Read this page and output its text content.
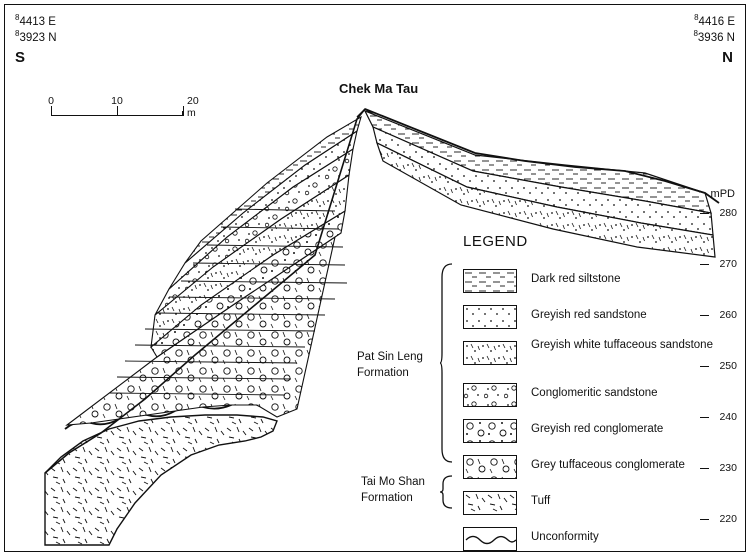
$^8$4413 E
$^8$3923 N
S
$^8$4416 E
$^8$3936 N
N
0	10	20 m
Chek Ma Tau
mPD
280
270
260
250
240
230
220
Pat Sin Leng
Formation
Tai Mo Shan
Formation
LEGEND
Dark red siltstone
Greyish red sandstone
Greyish white tuffaceous sandstone
Conglomeritic sandstone
Greyish red conglomerate
Grey tuffaceous conglomerate
Tuff
Unconformity
